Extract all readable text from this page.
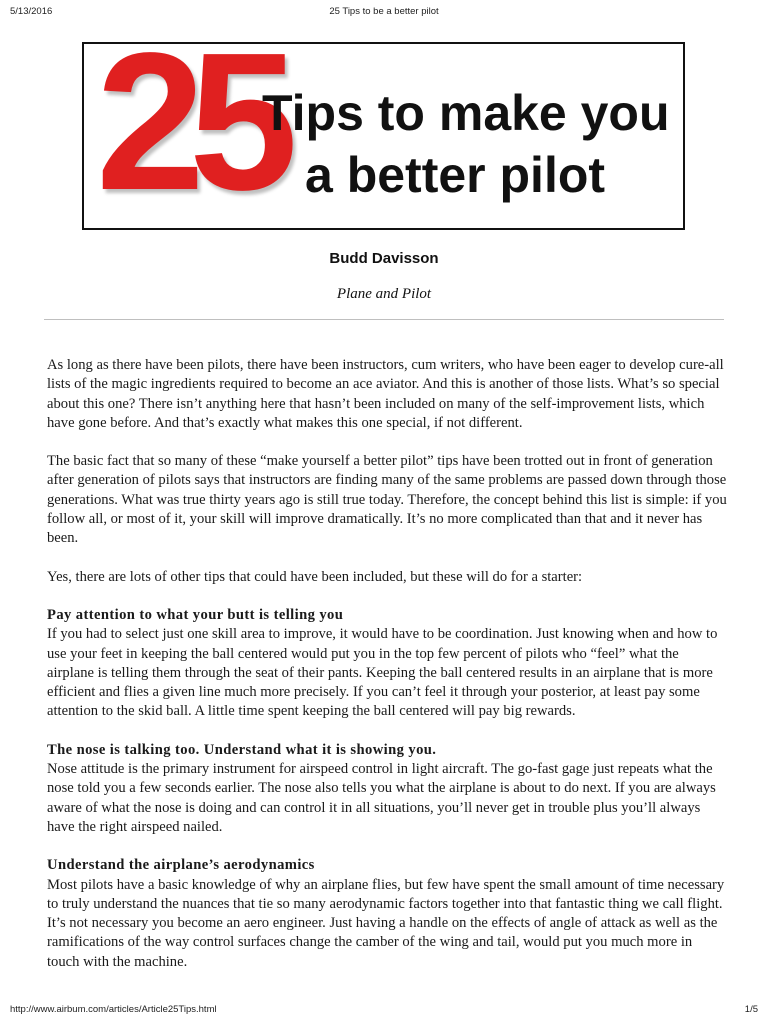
5/13/2016	25 Tips to be a better pilot
25
Tips to make you
a better pilot
Budd Davisson
Plane and Pilot

As long as there have been pilots, there have been instructors, cum writers, who have been eager to develop cure-all lists of the magic ingredients required to become an ace aviator. And this is another of those lists. What’s so special about this one? There isn’t anything here that hasn’t been included on many of the self-improvement lists, which have gone before. And that’s exactly what makes this one special, if not different.

The basic fact that so many of these “make yourself a better pilot” tips have been trotted out in front of generation after generation of pilots says that instructors are finding many of the same problems are passed down through those generations. What was true thirty years ago is still true today. Therefore, the concept behind this list is simple: if you follow all, or most of it, your skill will improve dramatically. It’s no more complicated than that and it never has been.

Yes, there are lots of other tips that could have been included, but these will do for a starter:

Pay attention to what your butt is telling you

If you had to select just one skill area to improve, it would have to be coordination. Just knowing when and how to use your feet in keeping the ball centered would put you in the top few percent of pilots who “feel” what the airplane is telling them through the seat of their pants. Keeping the ball centered results in an airplane that is more efficient and flies a given line much more precisely. If you can’t feel it through your posterior, at least pay some attention to the skid ball. A little time spent keeping the ball centered will pay big rewards.

The nose is talking too. Understand what it is showing you.

Nose attitude is the primary instrument for airspeed control in light aircraft. The go-fast gage just repeats what the nose told you a few seconds earlier. The nose also tells you what the airplane is about to do next. If you are always aware of what the nose is doing and can control it in all situations, you’ll never get in trouble plus you’ll always have the right airspeed nailed.

Understand the airplane’s aerodynamics

Most pilots have a basic knowledge of why an airplane flies, but few have spent the small amount of time necessary to truly understand the nuances that tie so many aerodynamic factors together into that fantastic thing we call flight. It’s not necessary you become an aero engineer. Just having a handle on the effects of angle of attack as well as the ramifications of the way control surfaces change the camber of the wing and tail, would put you much more in touch with the machine.

http://www.airbum.com/articles/Article25Tips.html	1/5
